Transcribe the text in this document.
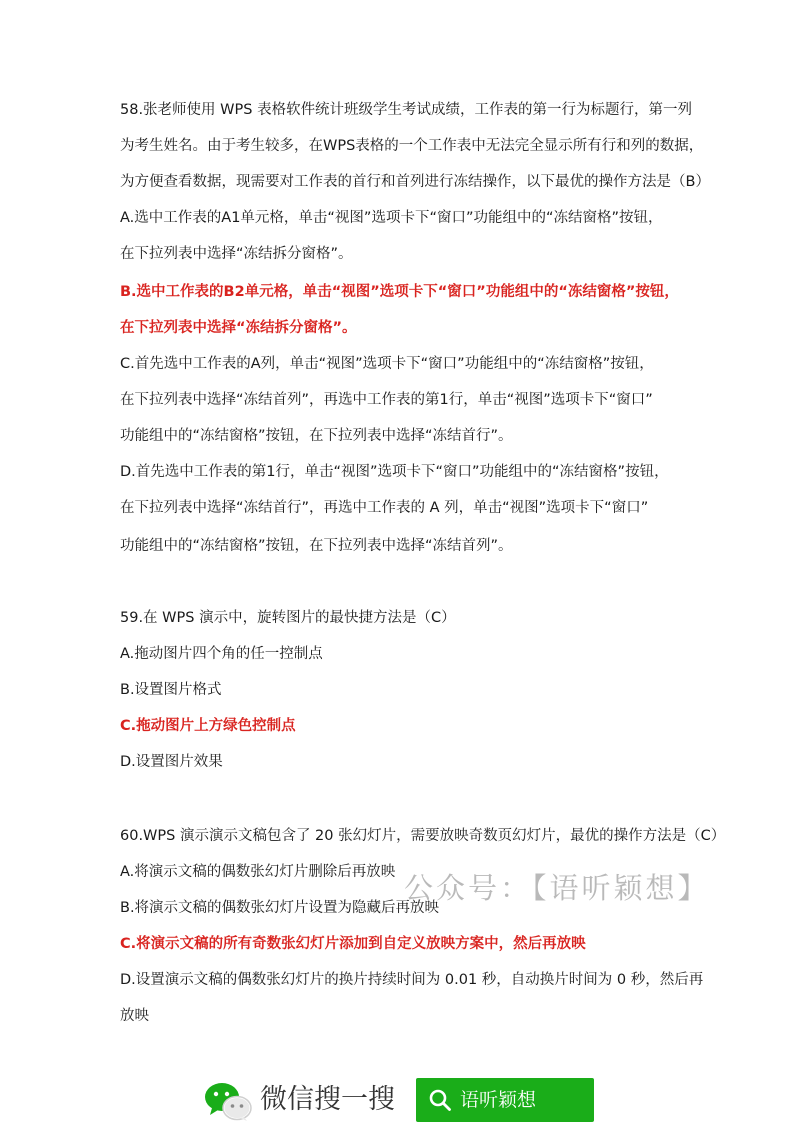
58.张老师使用 WPS 表格软件统计班级学生考试成绩，工作表的第一行为标题行，第一列
为考生姓名。由于考生较多，在WPS表格的一个工作表中无法完全显示所有行和列的数据，
为方便查看数据，现需要对工作表的首行和首列进行冻结操作，以下最优的操作方法是（B）
A.选中工作表的A1单元格，单击“视图”选项卡下“窗口”功能组中的“冻结窗格”按钮，
在下拉列表中选择“冻结拆分窗格”。
B.选中工作表的B2单元格，单击“视图”选项卡下“窗口”功能组中的“冻结窗格”按钮，
在下拉列表中选择“冻结拆分窗格”。
C.首先选中工作表的A列，单击“视图”选项卡下“窗口”功能组中的“冻结窗格”按钮，
在下拉列表中选择“冻结首列”，再选中工作表的第1行，单击“视图”选项卡下“窗口”
功能组中的“冻结窗格”按钮，在下拉列表中选择“冻结首行”。
D.首先选中工作表的第1行，单击“视图”选项卡下“窗口”功能组中的“冻结窗格”按钮，
在下拉列表中选择“冻结首行”，再选中工作表的 A 列，单击“视图”选项卡下“窗口”
功能组中的“冻结窗格”按钮，在下拉列表中选择“冻结首列”。
59.在 WPS 演示中，旋转图片的最快捷方法是（C）
A.拖动图片四个角的任一控制点
B.设置图片格式
C.拖动图片上方绿色控制点
D.设置图片效果
60.WPS 演示演示文稿包含了 20 张幻灯片，需要放映奇数页幻灯片，最优的操作方法是（C）
A.将演示文稿的偶数张幻灯片删除后再放映
B.将演示文稿的偶数张幻灯片设置为隐藏后再放映
C.将演示文稿的所有奇数张幻灯片添加到自定义放映方案中，然后再放映
D.设置演示文稿的偶数张幻灯片的换片持续时间为 0.01 秒，自动换片时间为 0 秒，然后再
放映
公众号：【语听颖想】
微信搜一搜	语听颖想
